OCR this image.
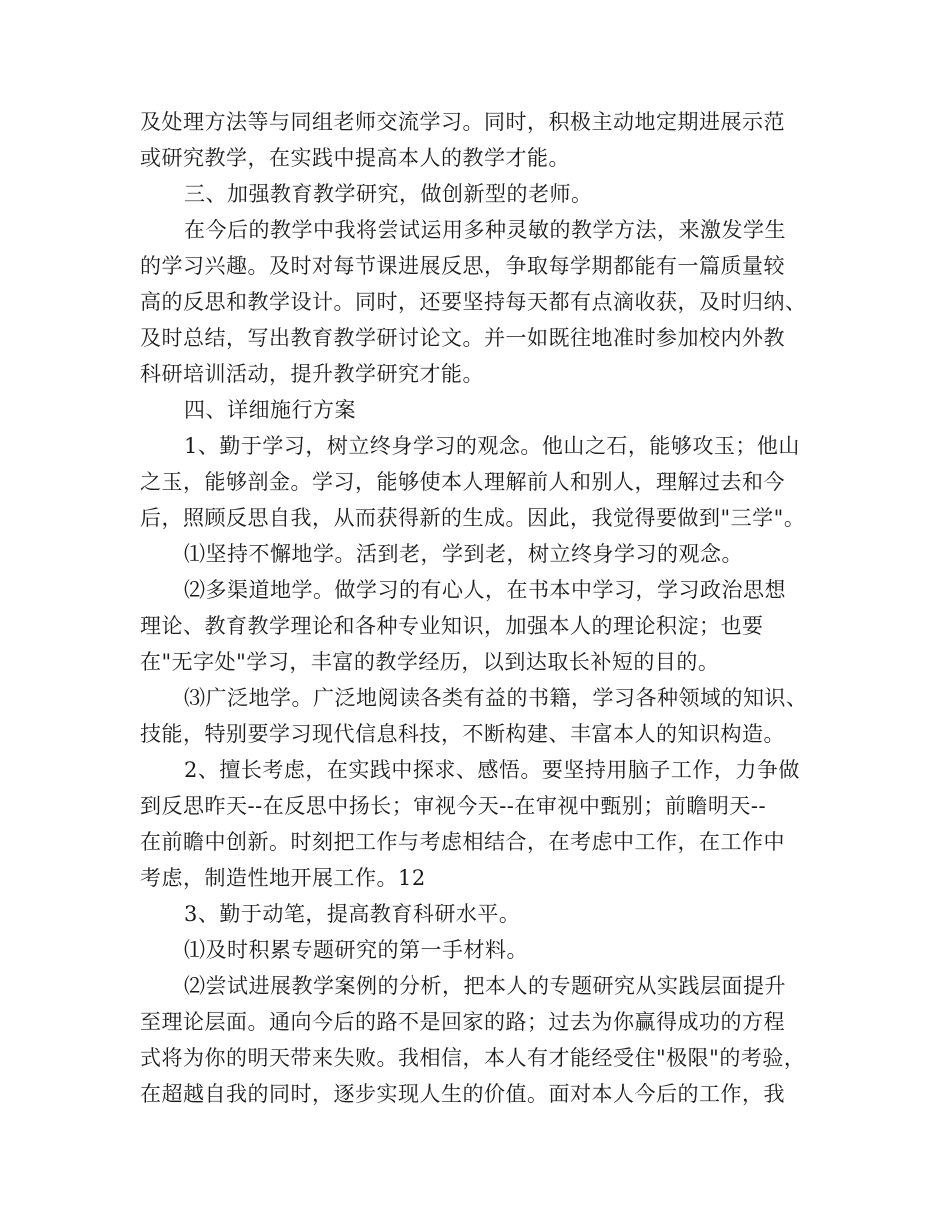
及处理方法等与同组老师交流学习。同时，积极主动地定期进展示范
或研究教学，在实践中提高本人的教学才能。
三、加强教育教学研究，做创新型的老师。
在今后的教学中我将尝试运用多种灵敏的教学方法，来激发学生
的学习兴趣。及时对每节课进展反思，争取每学期都能有一篇质量较
高的反思和教学设计。同时，还要坚持每天都有点滴收获，及时归纳、
及时总结，写出教育教学研讨论文。并一如既往地准时参加校内外教
科研培训活动，提升教学研究才能。
四、详细施行方案
1、勤于学习，树立终身学习的观念。他山之石，能够攻玉；他山
之玉，能够剖金。学习，能够使本人理解前人和别人，理解过去和今
后，照顾反思自我，从而获得新的生成。因此，我觉得要做到"三学"。
⑴坚持不懈地学。活到老，学到老，树立终身学习的观念。
⑵多渠道地学。做学习的有心人，在书本中学习，学习政治思想
理论、教育教学理论和各种专业知识，加强本人的理论积淀；也要
在"无字处"学习，丰富的教学经历，以到达取长补短的目的。
⑶广泛地学。广泛地阅读各类有益的书籍，学习各种领域的知识、
技能，特别要学习现代信息科技，不断构建、丰富本人的知识构造。
2、擅长考虑，在实践中探求、感悟。要坚持用脑子工作，力争做
到反思昨天--在反思中扬长；审视今天--在审视中甄别；前瞻明天--
在前瞻中创新。时刻把工作与考虑相结合，在考虑中工作，在工作中
考虑，制造性地开展工作。12
3、勤于动笔，提高教育科研水平。
⑴及时积累专题研究的第一手材料。
⑵尝试进展教学案例的分析，把本人的专题研究从实践层面提升
至理论层面。通向今后的路不是回家的路；过去为你赢得成功的方程
式将为你的明天带来失败。我相信，本人有才能经受住"极限"的考验，
在超越自我的同时，逐步实现人生的价值。面对本人今后的工作，我
